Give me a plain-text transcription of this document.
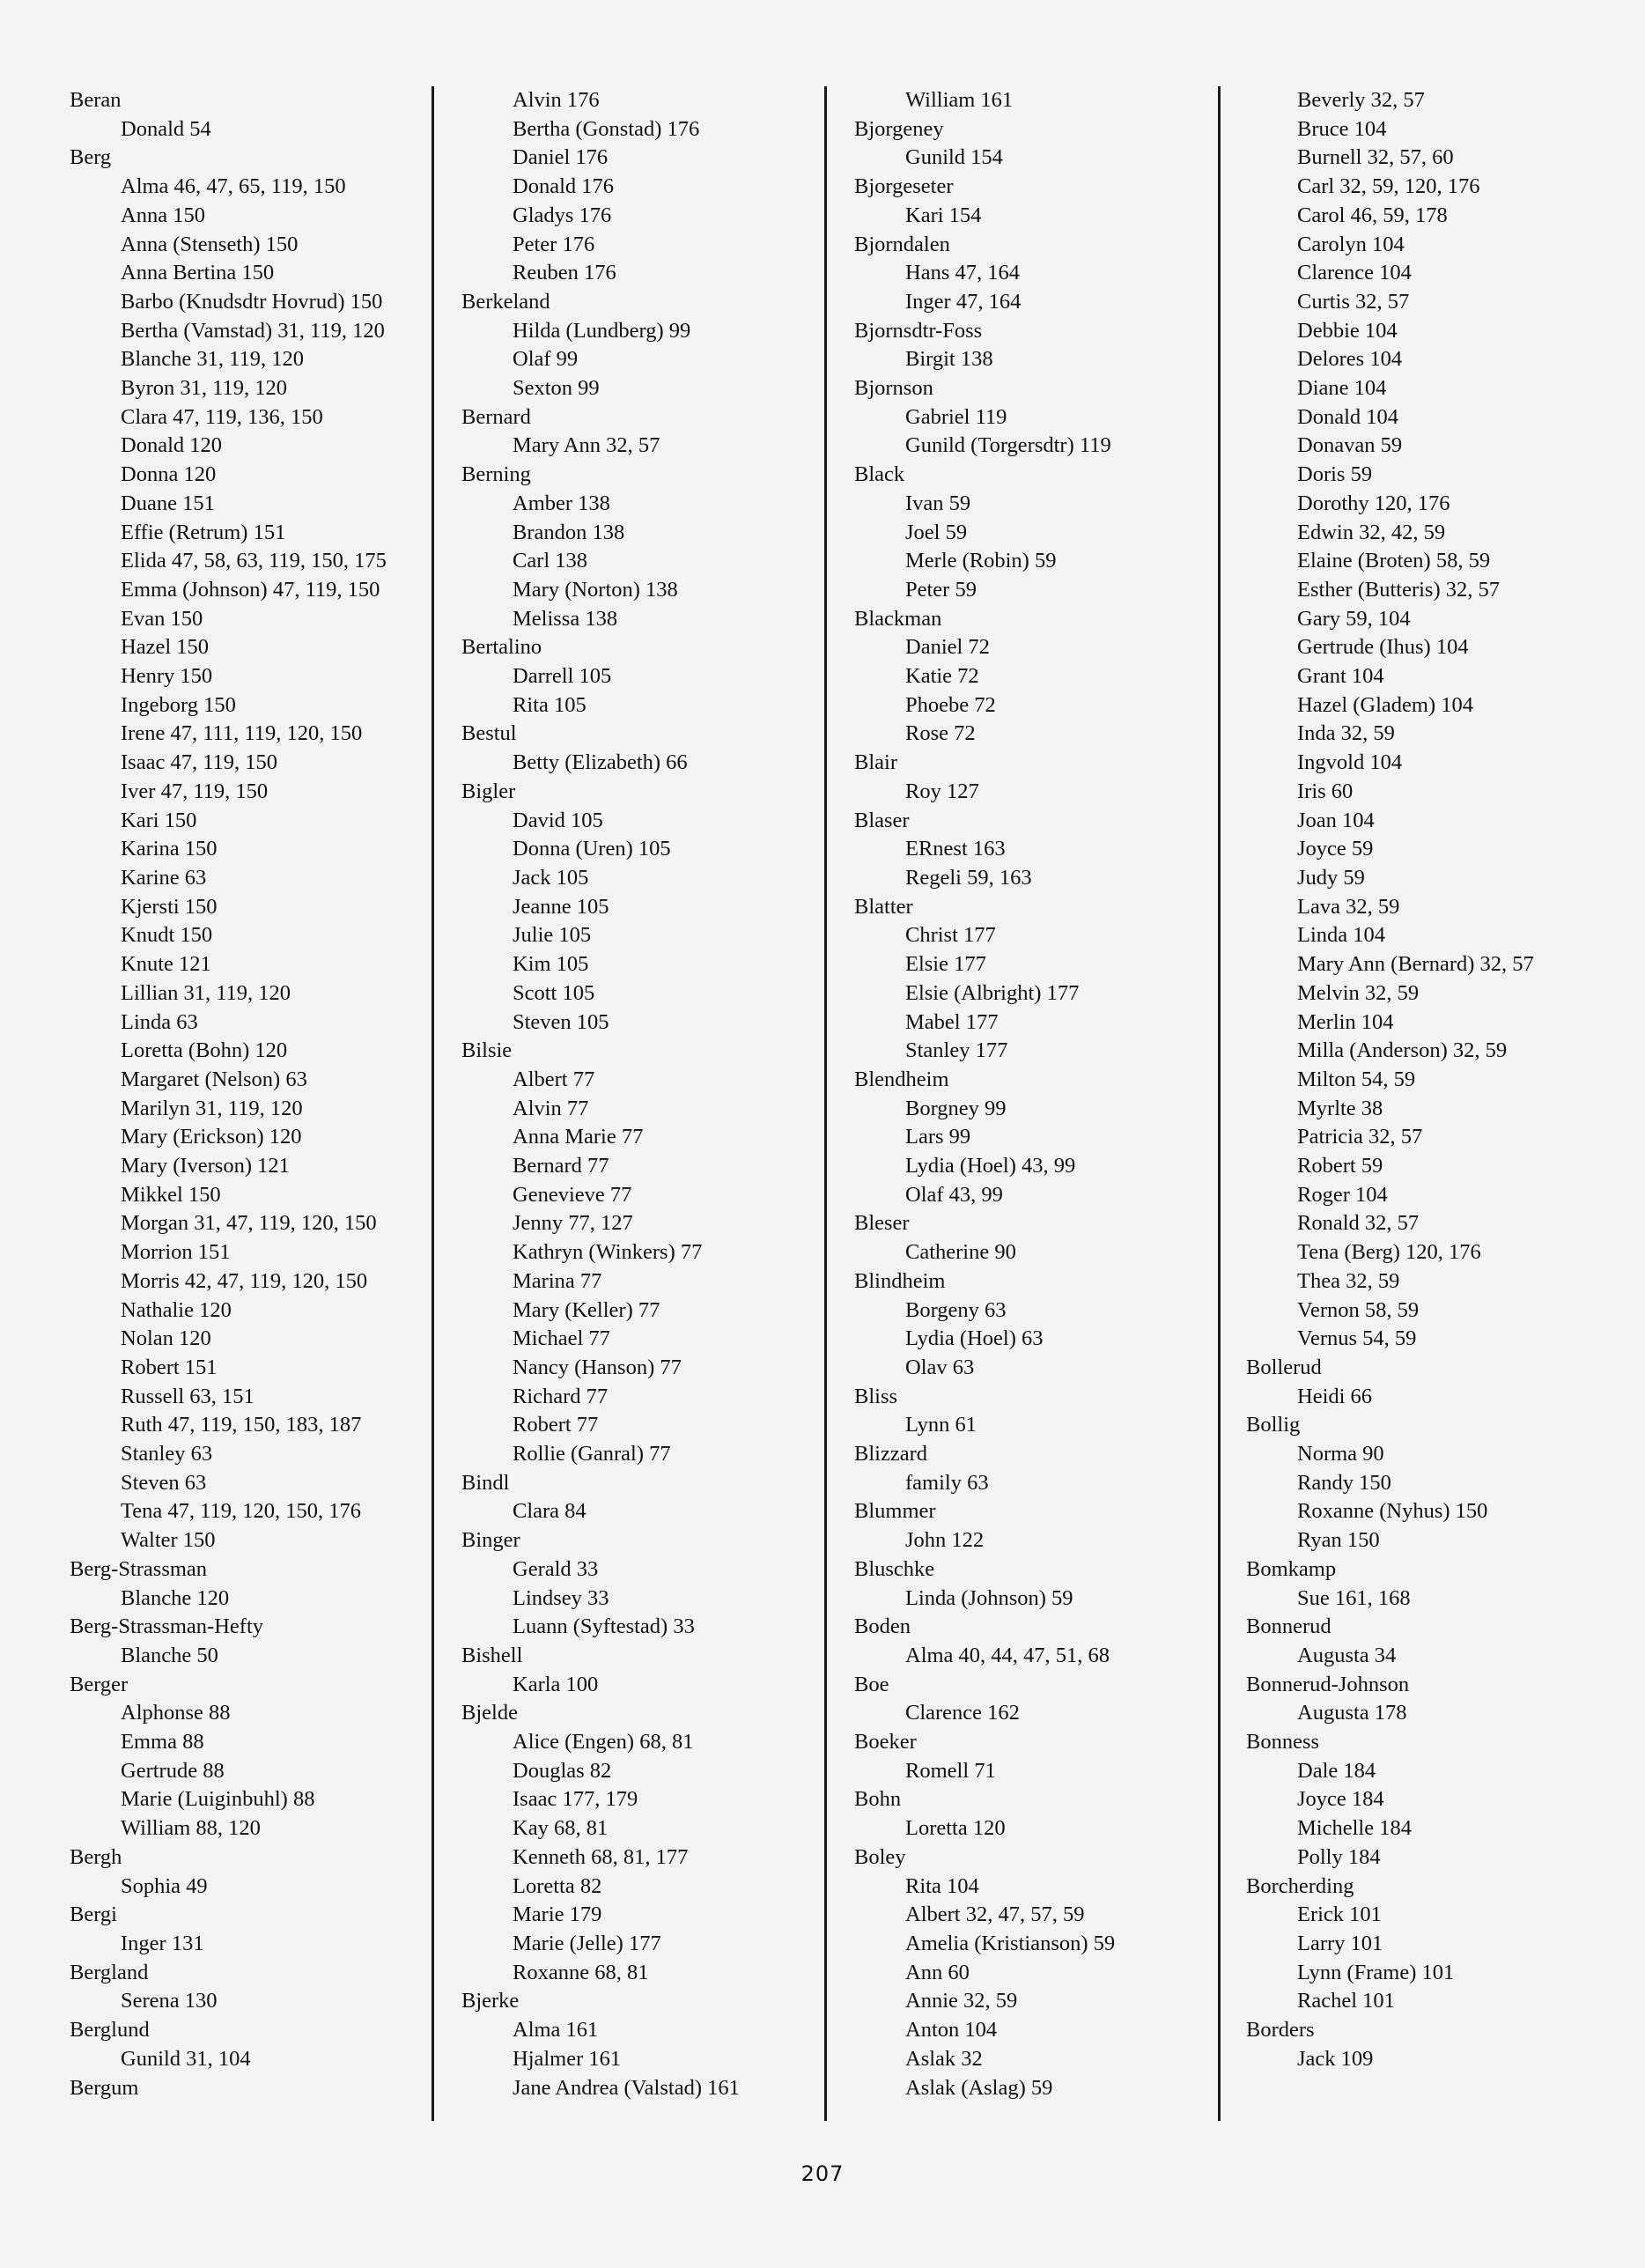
Beran
Donald 54
Berg
Alma 46, 47, 65, 119, 150
Anna 150
Anna (Stenseth) 150
Anna Bertina 150
Barbo (Knudsdtr Hovrud) 150
Bertha (Vamstad) 31, 119, 120
Blanche 31, 119, 120
Byron 31, 119, 120
Clara 47, 119, 136, 150
Donald 120
Donna 120
Duane 151
Effie (Retrum) 151
Elida 47, 58, 63, 119, 150, 175
Emma (Johnson) 47, 119, 150
Evan 150
Hazel 150
Henry 150
Ingeborg 150
Irene 47, 111, 119, 120, 150
Isaac 47, 119, 150
Iver 47, 119, 150
Kari 150
Karina 150
Karine 63
Kjersti 150
Knudt 150
Knute 121
Lillian 31, 119, 120
Linda 63
Loretta (Bohn) 120
Margaret (Nelson) 63
Marilyn 31, 119, 120
Mary (Erickson) 120
Mary (Iverson) 121
Mikkel 150
Morgan 31, 47, 119, 120, 150
Morrion 151
Morris 42, 47, 119, 120, 150
Nathalie 120
Nolan 120
Robert 151
Russell 63, 151
Ruth 47, 119, 150, 183, 187
Stanley 63
Steven 63
Tena 47, 119, 120, 150, 176
Walter 150
Berg-Strassman
Blanche 120
Berg-Strassman-Hefty
Blanche 50
Berger
Alphonse 88
Emma 88
Gertrude 88
Marie (Luiginbuhl) 88
William 88, 120
Bergh
Sophia 49
Bergi
Inger 131
Bergland
Serena 130
Berglund
Gunild 31, 104
Bergum
Alvin 176
Bertha (Gonstad) 176
Daniel 176
Donald 176
Gladys 176
Peter 176
Reuben 176
Berkeland
Hilda (Lundberg) 99
Olaf 99
Sexton 99
Bernard
Mary Ann 32, 57
Berning
Amber 138
Brandon 138
Carl 138
Mary (Norton) 138
Melissa 138
Bertalino
Darrell 105
Rita 105
Bestul
Betty (Elizabeth) 66
Bigler
David 105
Donna (Uren) 105
Jack 105
Jeanne 105
Julie 105
Kim 105
Scott 105
Steven 105
Bilsie
Albert 77
Alvin 77
Anna Marie 77
Bernard 77
Genevieve 77
Jenny 77, 127
Kathryn (Winkers) 77
Marina 77
Mary (Keller) 77
Michael 77
Nancy (Hanson) 77
Richard 77
Robert 77
Rollie (Ganral) 77
Bindl
Clara 84
Binger
Gerald 33
Lindsey 33
Luann (Syftestad) 33
Bishell
Karla 100
Bjelde
Alice (Engen) 68, 81
Douglas 82
Isaac 177, 179
Kay 68, 81
Kenneth 68, 81, 177
Loretta 82
Marie 179
Marie (Jelle) 177
Roxanne 68, 81
Bjerke
Alma 161
Hjalmer 161
Jane Andrea (Valstad) 161
William 161
Bjorgeney
Gunild 154
Bjorgeseter
Kari 154
Bjorndalen
Hans 47, 164
Inger 47, 164
Bjornsdtr-Foss
Birgit 138
Bjornson
Gabriel 119
Gunild (Torgersdtr) 119
Black
Ivan 59
Joel 59
Merle (Robin) 59
Peter 59
Blackman
Daniel 72
Katie 72
Phoebe 72
Rose 72
Blair
Roy 127
Blaser
ERnest 163
Regeli 59, 163
Blatter
Christ 177
Elsie 177
Elsie (Albright) 177
Mabel 177
Stanley 177
Blendheim
Borgney 99
Lars 99
Lydia (Hoel) 43, 99
Olaf 43, 99
Bleser
Catherine 90
Blindheim
Borgeny 63
Lydia (Hoel) 63
Olav 63
Bliss
Lynn 61
Blizzard
family 63
Blummer
John 122
Bluschke
Linda (Johnson) 59
Boden
Alma 40, 44, 47, 51, 68
Boe
Clarence 162
Boeker
Romell 71
Bohn
Loretta 120
Boley
Rita 104
Albert 32, 47, 57, 59
Amelia (Kristianson) 59
Ann 60
Annie 32, 59
Anton 104
Aslak 32
Aslak (Aslag) 59
Beverly 32, 57
Bruce 104
Burnell 32, 57, 60
Carl 32, 59, 120, 176
Carol 46, 59, 178
Carolyn 104
Clarence 104
Curtis 32, 57
Debbie 104
Delores 104
Diane 104
Donald 104
Donavan 59
Doris 59
Dorothy 120, 176
Edwin 32, 42, 59
Elaine (Broten) 58, 59
Esther (Butteris) 32, 57
Gary 59, 104
Gertrude (Ihus) 104
Grant 104
Hazel (Gladem) 104
Inda 32, 59
Ingvold 104
Iris 60
Joan 104
Joyce 59
Judy 59
Lava 32, 59
Linda 104
Mary Ann (Bernard) 32, 57
Melvin 32, 59
Merlin 104
Milla (Anderson) 32, 59
Milton 54, 59
Myrlte 38
Patricia 32, 57
Robert 59
Roger 104
Ronald 32, 57
Tena (Berg) 120, 176
Thea 32, 59
Vernon 58, 59
Vernus 54, 59
Bollerud
Heidi 66
Bollig
Norma 90
Randy 150
Roxanne (Nyhus) 150
Ryan 150
Bomkamp
Sue 161, 168
Bonnerud
Augusta 34
Bonnerud-Johnson
Augusta 178
Bonness
Dale 184
Joyce 184
Michelle 184
Polly 184
Borcherding
Erick 101
Larry 101
Lynn (Frame) 101
Rachel 101
Borders
Jack 109
207
